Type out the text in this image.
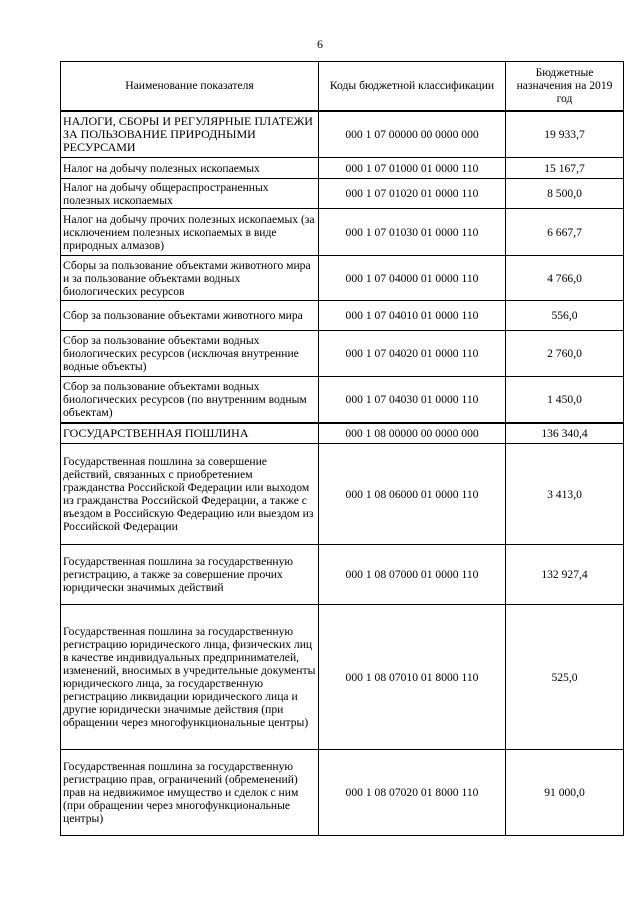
6
Наименование показателя	Коды бюджетной классификации	Бюджетные назначения на 2019 год
НАЛОГИ, СБОРЫ И РЕГУЛЯРНЫЕ ПЛАТЕЖИ ЗА ПОЛЬЗОВАНИЕ ПРИРОДНЫМИ РЕСУРСАМИ	000 1 07 00000 00 0000 000	19 933,7
Налог на добычу полезных ископаемых	000 1 07 01000 01 0000 110	15 167,7
Налог на добычу общераспространенных полезных ископаемых	000 1 07 01020 01 0000 110	8 500,0
Налог на добычу прочих полезных ископаемых (за исключением полезных ископаемых в виде природных алмазов)	000 1 07 01030 01 0000 110	6 667,7
Сборы за пользование объектами животного мира и за пользование объектами водных биологических ресурсов	000 1 07 04000 01 0000 110	4 766,0
Сбор за пользование объектами животного мира	000 1 07 04010 01 0000 110	556,0
Сбор за пользование объектами водных биологических ресурсов (исключая внутренние водные объекты)	000 1 07 04020 01 0000 110	2 760,0
Сбор за пользование объектами водных биологических ресурсов (по внутренним водным объектам)	000 1 07 04030 01 0000 110	1 450,0
ГОСУДАРСТВЕННАЯ ПОШЛИНА	000 1 08 00000 00 0000 000	136 340,4
Государственная пошлина за совершение действий, связанных с приобретением гражданства Российской Федерации или выходом из гражданства Российской Федерации, а также с въездом в Российскую Федерацию или выездом из Российской Федерации	000 1 08 06000 01 0000 110	3 413,0
Государственная пошлина за государственную регистрацию, а также за совершение прочих юридически значимых действий	000 1 08 07000 01 0000 110	132 927,4
Государственная пошлина за государственную регистрацию юридического лица, физических лиц в качестве индивидуальных предпринимателей, изменений, вносимых в учредительные документы юридического лица, за государственную регистрацию ликвидации юридического лица и другие юридически значимые действия (при обращении через многофункциональные центры)	000 1 08 07010 01 8000 110	525,0
Государственная пошлина за государственную регистрацию прав, ограничений (обременений) прав на недвижимое имущество и сделок с ним (при обращении через многофункциональные центры)	000 1 08 07020 01 8000 110	91 000,0
